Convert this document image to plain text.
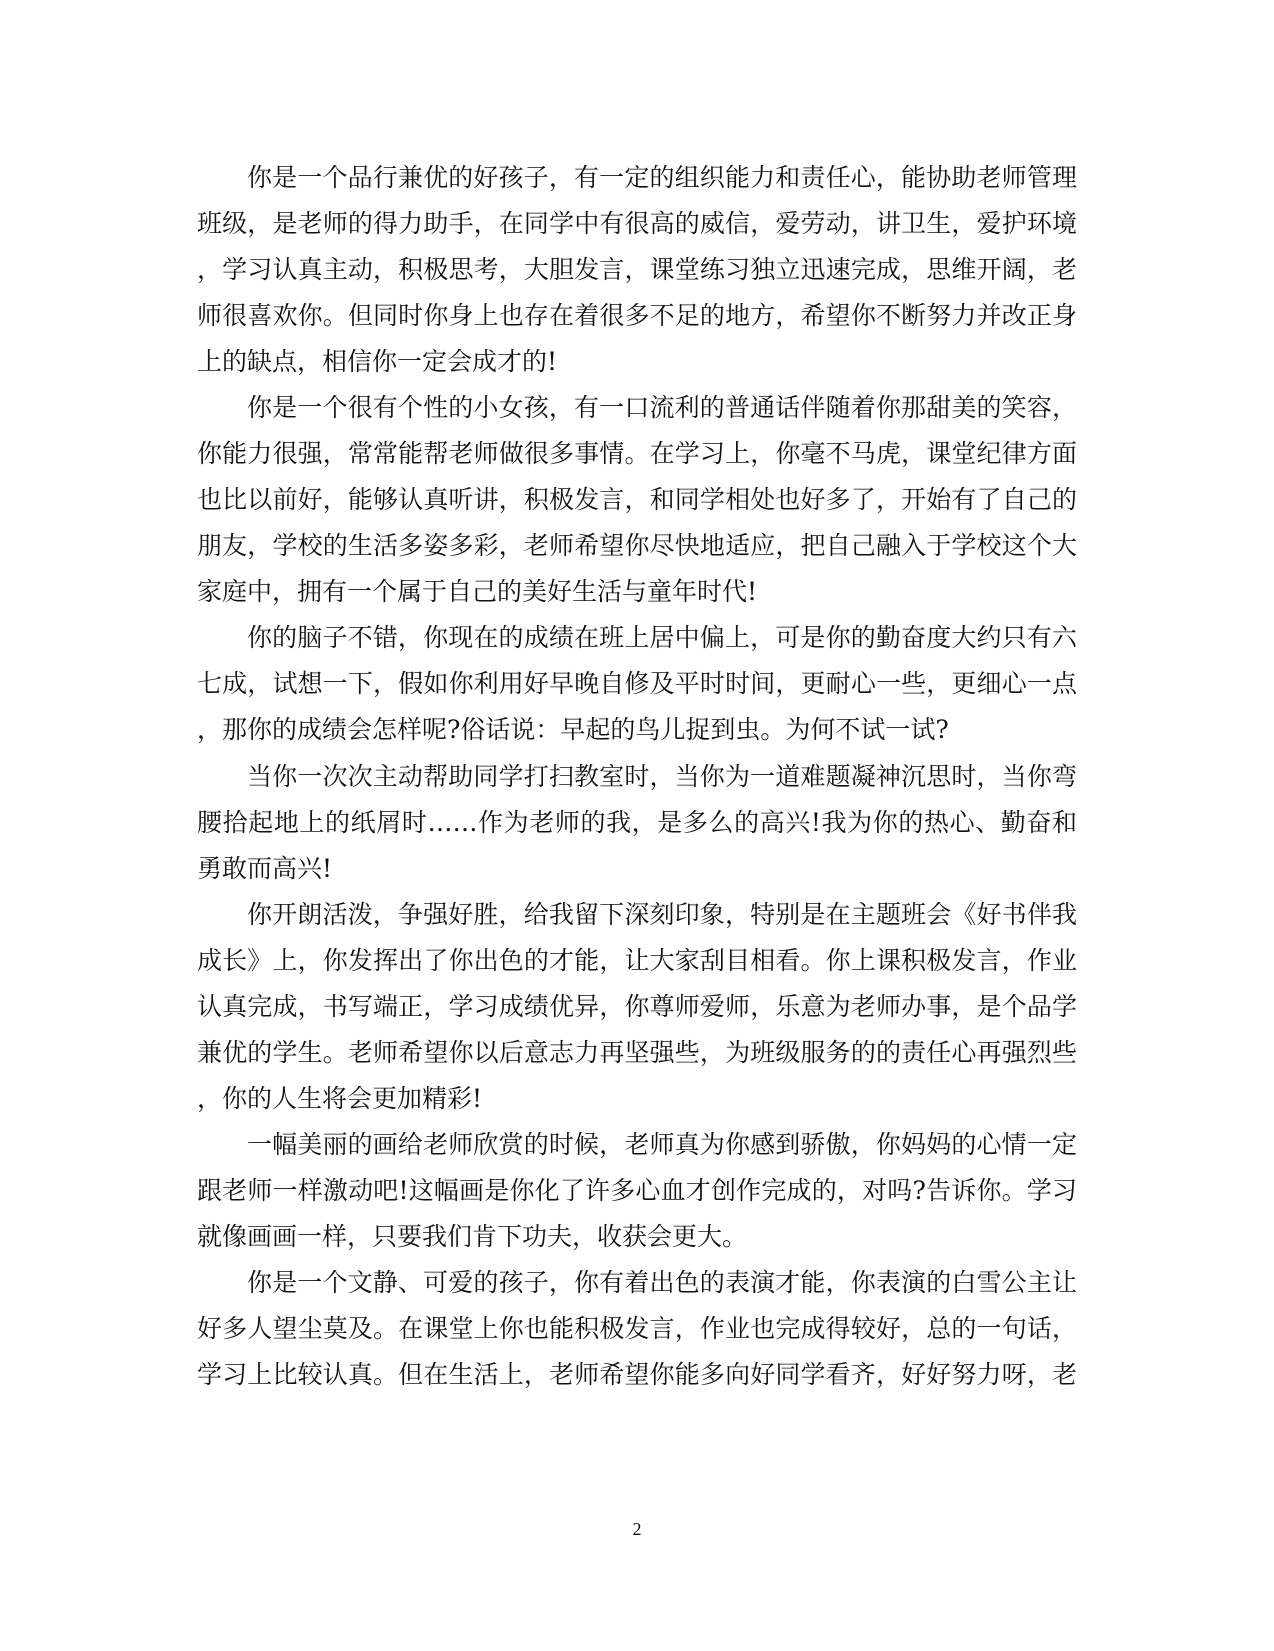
你是一个品行兼优的好孩子，有一定的组织能力和责任心，能协助老师管理
班级，是老师的得力助手，在同学中有很高的威信，爱劳动，讲卫生，爱护环境
，学习认真主动，积极思考，大胆发言，课堂练习独立迅速完成，思维开阔，老
师很喜欢你。但同时你身上也存在着很多不足的地方，希望你不断努力并改正身
上的缺点，相信你一定会成才的!
你是一个很有个性的小女孩，有一口流利的普通话伴随着你那甜美的笑容，
你能力很强，常常能帮老师做很多事情。在学习上，你毫不马虎，课堂纪律方面
也比以前好，能够认真听讲，积极发言，和同学相处也好多了，开始有了自己的
朋友，学校的生活多姿多彩，老师希望你尽快地适应，把自己融入于学校这个大
家庭中，拥有一个属于自己的美好生活与童年时代!
你的脑子不错，你现在的成绩在班上居中偏上，可是你的勤奋度大约只有六
七成，试想一下，假如你利用好早晚自修及平时时间，更耐心一些，更细心一点
，那你的成绩会怎样呢?俗话说：早起的鸟儿捉到虫。为何不试一试?
当你一次次主动帮助同学打扫教室时，当你为一道难题凝神沉思时，当你弯
腰拾起地上的纸屑时……作为老师的我，是多么的高兴!我为你的热心、勤奋和
勇敢而高兴!
你开朗活泼，争强好胜，给我留下深刻印象，特别是在主题班会《好书伴我
成长》上，你发挥出了你出色的才能，让大家刮目相看。你上课积极发言，作业
认真完成，书写端正，学习成绩优异，你尊师爱师，乐意为老师办事，是个品学
兼优的学生。老师希望你以后意志力再坚强些，为班级服务的的责任心再强烈些
，你的人生将会更加精彩!
一幅美丽的画给老师欣赏的时候，老师真为你感到骄傲，你妈妈的心情一定
跟老师一样激动吧!这幅画是你化了许多心血才创作完成的，对吗?告诉你。学习
就像画画一样，只要我们肯下功夫，收获会更大。
你是一个文静、可爱的孩子，你有着出色的表演才能，你表演的白雪公主让
好多人望尘莫及。在课堂上你也能积极发言，作业也完成得较好，总的一句话，
学习上比较认真。但在生活上，老师希望你能多向好同学看齐，好好努力呀，老
2
